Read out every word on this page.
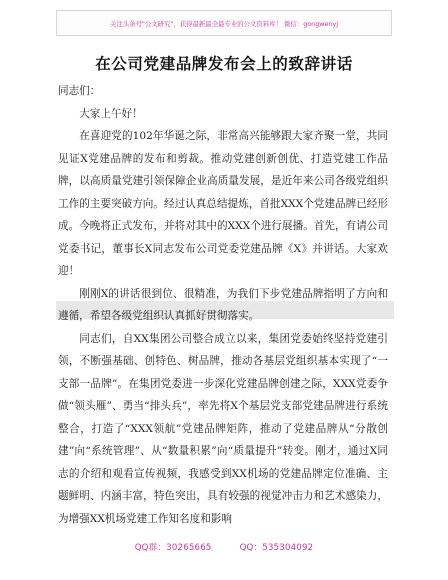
关注头条号"公文研究"，获得最新最全最专业的公文资料库！ 微信：gongwenyj
在公司党建品牌发布会上的致辞讲话

同志们：

大家上午好！

在喜迎党的102年华诞之际，非常高兴能够跟大家齐聚一堂，共同见证X党建品牌的发布和剪裁。推动党建创新创优、打造党建工作品牌，以高质量党建引领保障企业高质量发展，是近年来公司各级党组织工作的主要突破方向。经过认真总结提炼，首批XXX个党建品牌已经形成。今晚将正式发布，并将对其中的XXX个进行展播。首先，有请公司党委书记，董事长X同志发布公司党委党建品牌《X》并讲话。大家欢迎！

刚刚X的讲话很到位、很精准，为我们下步党建品牌指明了方向和遵循，希望各级党组织认真抓好贯彻落实。

同志们，自XX集团公司整合成立以来，集团党委始终坚持党建引领，不断强基础、创特色、树品牌，推动各基层党组织基本实现了“一支部一品牌”。在集团党委进一步深化党建品牌创建之际，XXX党委争做“领头雁”、勇当“排头兵”，率先将X个基层党支部党建品牌进行系统整合，打造了“XXX领航”党建品牌矩阵，推动了党建品牌从“分散创建”向“系统管理”、从“数量积累”向“质量提升”转变。刚才，通过X同志的介绍和观看宣传视频，我感受到XX机场的党建品牌定位准确、主题鲜明、内涵丰富，特色突出，具有较强的视觉冲击力和艺术感染力，为增强XX机场党建工作知名度和影响

QQ群：30265665	QQ：535304092
